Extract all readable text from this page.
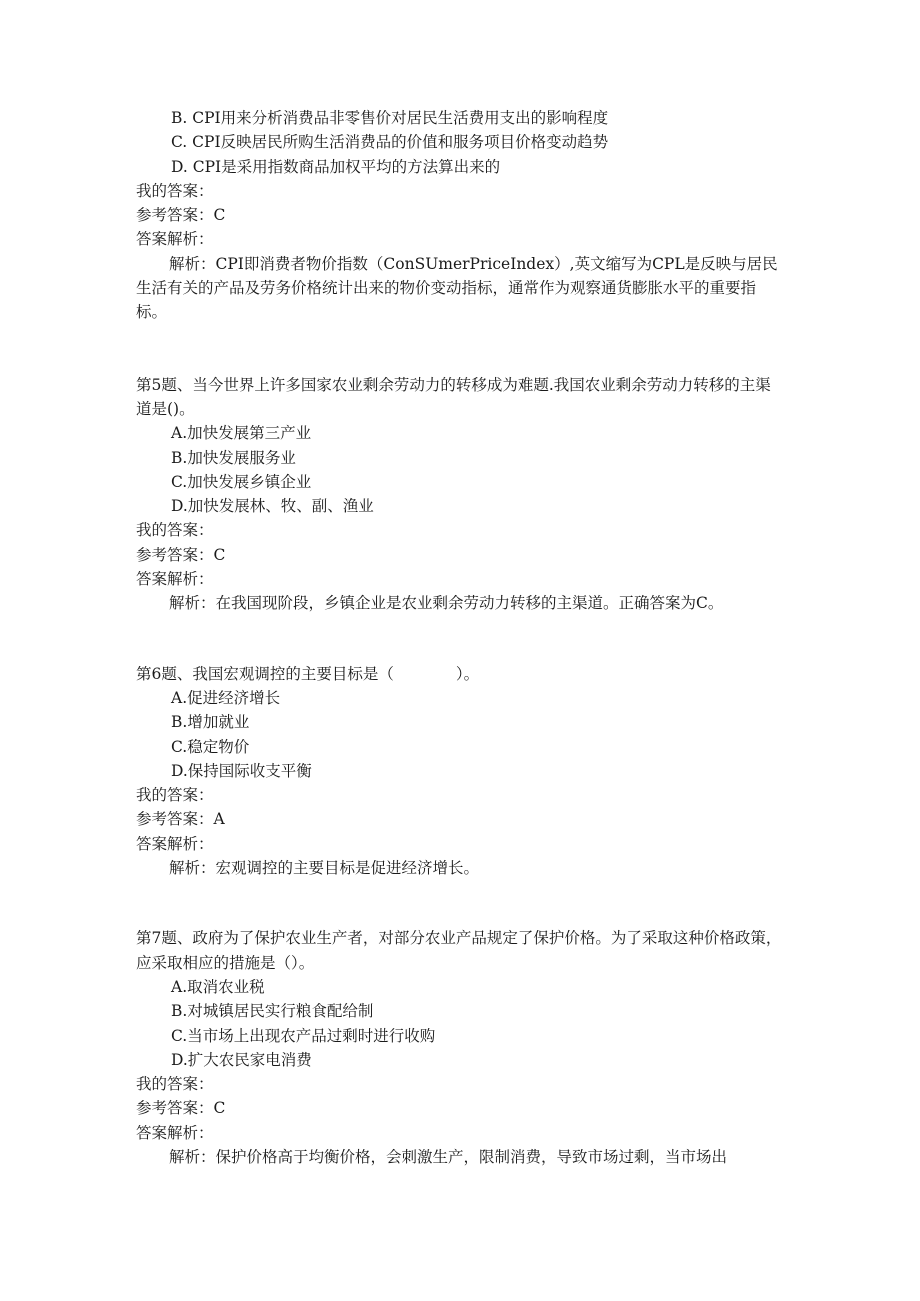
B. CPI用来分析消费品非零售价对居民生活费用支出的影响程度
C. CPI反映居民所购生活消费品的价值和服务项目价格变动趋势
D. CPI是采用指数商品加权平均的方法算出来的
我的答案：
参考答案：C
答案解析：
解析：CPI即消费者物价指数（ConSUmerPriceIndex）,英文缩写为CPL是反映与居民生活有关的产品及劳务价格统计出来的物价变动指标，通常作为观察通货膨胀水平的重要指标。
第5题、当今世界上许多国家农业剩余劳动力的转移成为难题.我国农业剩余劳动力转移的主渠道是()。
A.加快发展第三产业
B.加快发展服务业
C.加快发展乡镇企业
D.加快发展林、牧、副、渔业
我的答案：
参考答案：C
答案解析：
解析：在我国现阶段，乡镇企业是农业剩余劳动力转移的主渠道。正确答案为C。
第6题、我国宏观调控的主要目标是（　　　　）。
A.促进经济增长
B.增加就业
C.稳定物价
D.保持国际收支平衡
我的答案：
参考答案：A
答案解析：
解析：宏观调控的主要目标是促进经济增长。
第7题、政府为了保护农业生产者，对部分农业产品规定了保护价格。为了采取这种价格政策，应采取相应的措施是（）。
A.取消农业税
B.对城镇居民实行粮食配给制
C.当市场上出现农产品过剩时进行收购
D.扩大农民家电消费
我的答案：
参考答案：C
答案解析：
解析：保护价格高于均衡价格，会刺激生产，限制消费，导致市场过剩，当市场出
